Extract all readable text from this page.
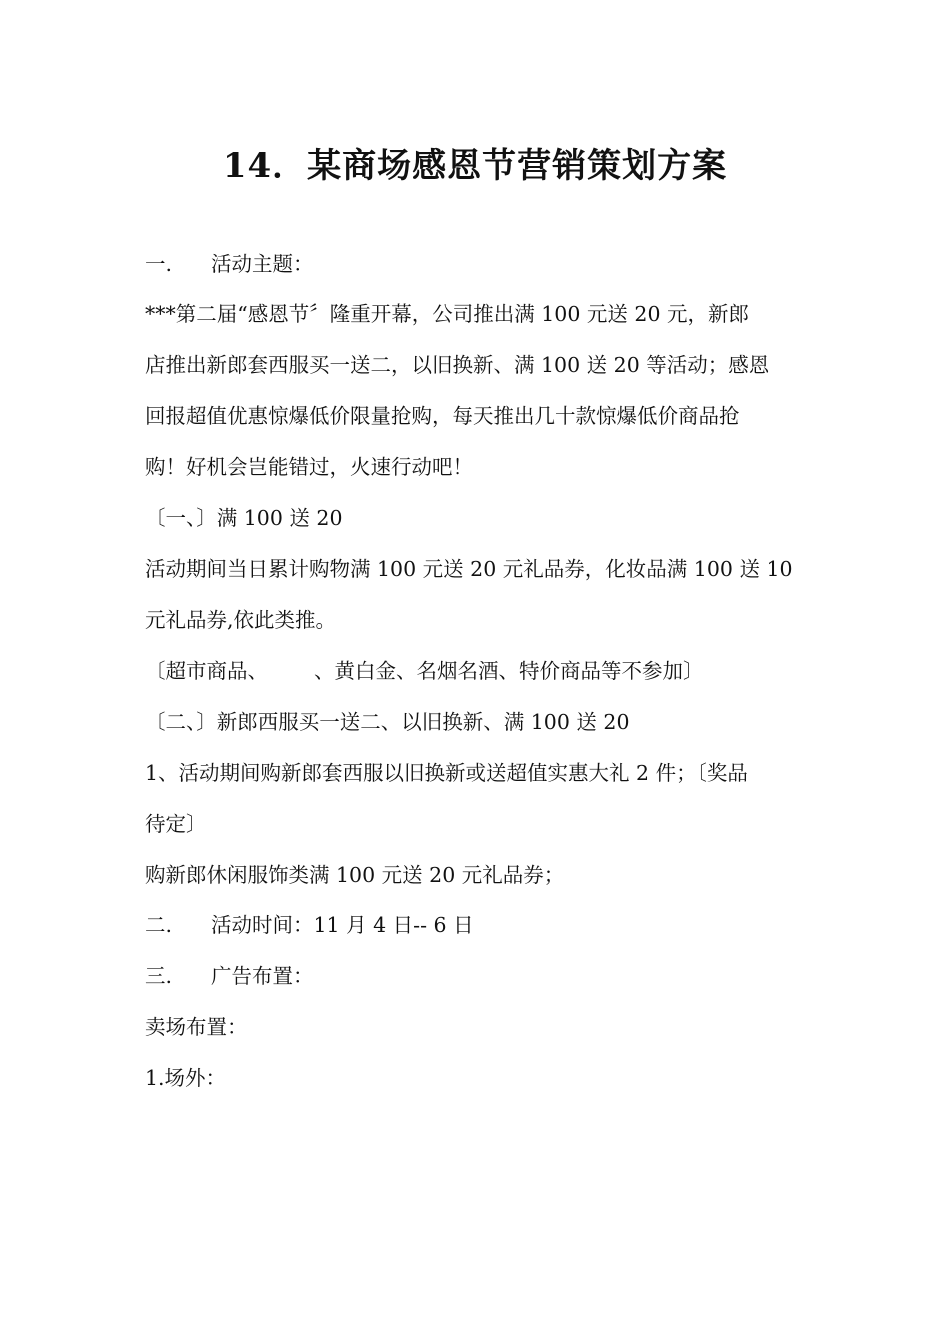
14．某商场感恩节营销策划方案
一. 活动主题：
***第二届“感恩节〞隆重开幕，公司推出满 100 元送 20 元，新郎
店推出新郎套西服买一送二，以旧换新、满 100 送 20 等活动；感恩
回报超值优惠惊爆低价限量抢购，每天推出几十款惊爆低价商品抢
购！好机会岂能错过，火速行动吧！
〔一、〕满 100 送 20
活动期间当日累计购物满 100 元送 20 元礼品券，化妆品满 100 送 10
元礼品券,依此类推。
〔超市商品、 、黄白金、名烟名酒、特价商品等不参加〕
〔二、〕新郎西服买一送二、以旧换新、满 100 送 20
1、活动期间购新郎套西服以旧换新或送超值实惠大礼 2 件；〔奖品
待定〕
购新郎休闲服饰类满 100 元送 20 元礼品券；
二. 活动时间：11 月 4 日-- 6 日
三. 广告布置：
卖场布置：
1.场外：
